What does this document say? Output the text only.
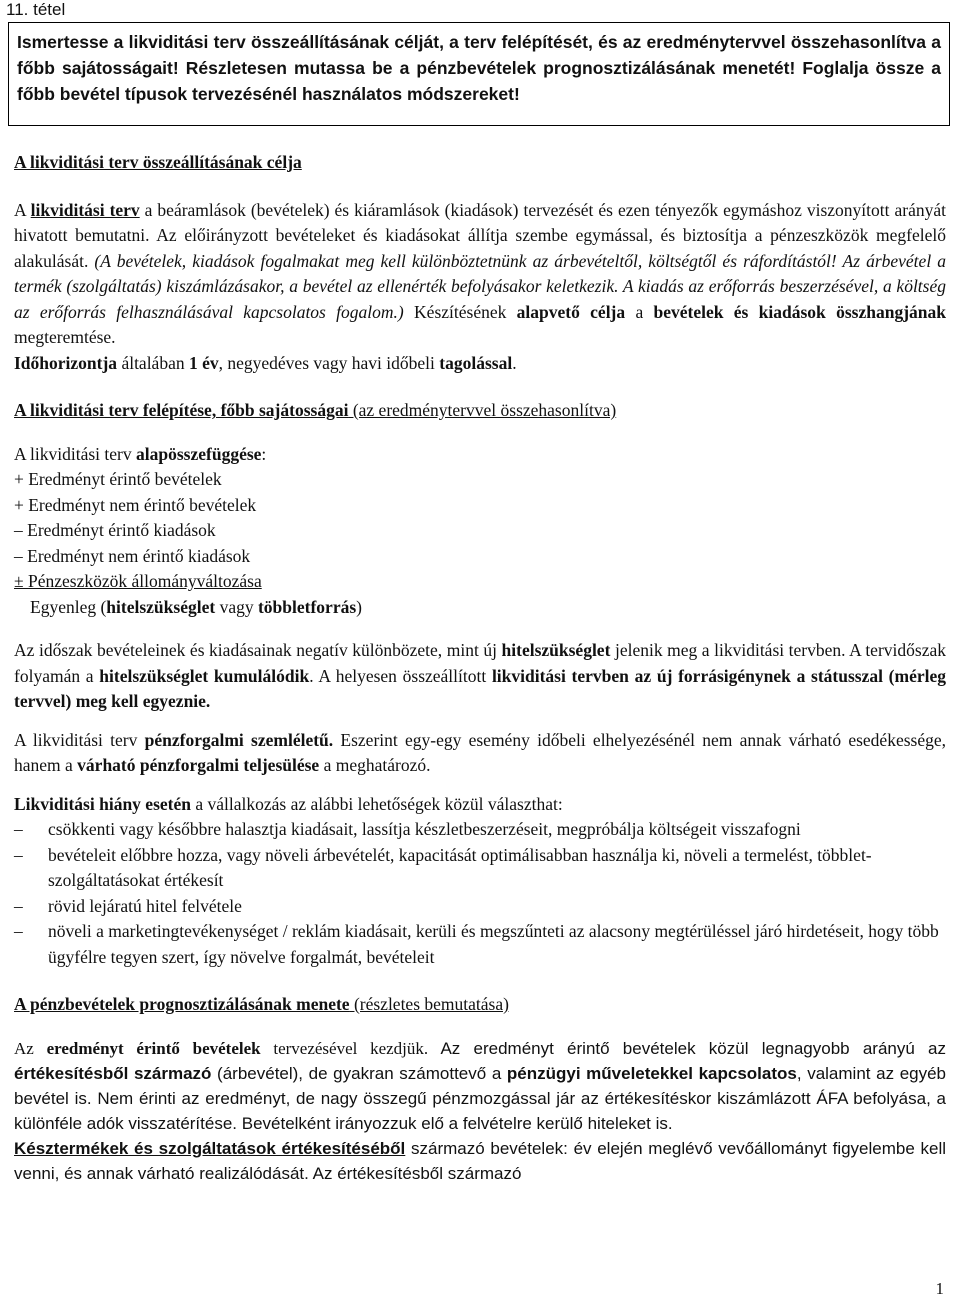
11. tétel
Ismertesse a likviditási terv összeállításának célját, a terv felépítését, és az eredménytervvel összehasonlítva a főbb sajátosságait! Részletesen mutassa be a pénzbevételek prognosztizálásának menetét! Foglalja össze a főbb bevétel típusok tervezésénél használatos módszereket!
A likviditási terv összeállításának célja

A likviditási terv a beáramlások (bevételek) és kiáramlások (kiadások) tervezését és ezen tényezők egymáshoz viszonyított arányát hivatott bemutatni. Az előirányzott bevételeket és kiadásokat állítja szembe egymással, és biztosítja a pénzeszközök megfelelő alakulását. (A bevételek, kiadások fogalmakat meg kell különböztetnünk az árbevételtől, költségtől és ráfordítástól! Az árbevétel a termék (szolgáltatás) kiszámlázásakor, a bevétel az ellenérték befolyásakor keletkezik. A kiadás az erőforrás beszerzésével, a költség az erőforrás felhasználásával kapcsolatos fogalom.) Készítésének alapvető célja a bevételek és kiadások összhangjának megteremtése.

Időhorizontja általában 1 év, negyedéves vagy havi időbeli tagolással.

A likviditási terv felépítése, főbb sajátosságai (az eredménytervvel összehasonlítva)

A likviditási terv alapösszefüggése:

+ Eredményt érintő bevételek
+ Eredményt nem érintő bevételek
– Eredményt érintő kiadások
– Eredményt nem érintő kiadások
± Pénzeszközök állományváltozása
Egyenleg (hitelszükséglet vagy többletforrás)

Az időszak bevételeinek és kiadásainak negatív különbözete, mint új hitelszükséglet jelenik meg a likviditási tervben. A tervidőszak folyamán a hitelszükséglet kumulálódik. A helyesen összeállított likviditási tervben az új forrásigénynek a státusszal (mérleg tervvel) meg kell egyeznie.

A likviditási terv pénzforgalmi szemléletű. Eszerint egy-egy esemény időbeli elhelyezésénél nem annak várható esedékessége, hanem a várható pénzforgalmi teljesülése a meghatározó.

Likviditási hiány esetén a vállalkozás az alábbi lehetőségek közül választhat:

–	csökkenti vagy későbbre halasztja kiadásait, lassítja készletbeszerzéseit, megpróbálja költségeit visszafogni
–	bevételeit előbbre hozza, vagy növeli árbevételét, kapacitását optimálisabban használja ki, növeli a termelést, többlet-szolgáltatásokat értékesít
–	rövid lejáratú hitel felvétele
–	növeli a marketingtevékenységet / reklám kiadásait, kerüli és megszűnteti az alacsony megtérüléssel járó hirdetéseit, hogy több ügyfélre tegyen szert, így növelve forgalmát, bevételeit
A pénzbevételek prognosztizálásának menete (részletes bemutatása)

Az eredményt érintő bevételek tervezésével kezdjük. Az eredményt érintő bevételek közül legnagyobb arányú az értékesítésből származó (árbevétel), de gyakran számottevő a pénzügyi műveletekkel kapcsolatos, valamint az egyéb bevétel is. Nem érinti az eredményt, de nagy összegű pénzmozgással jár az értékesítéskor kiszámlázott ÁFA befolyása, a különféle adók visszatérítése. Bevételként irányozzuk elő a felvételre kerülő hiteleket is.

Késztermékek és szolgáltatások értékesítéséből származó bevételek: év elején meglévő vevőállományt figyelembe kell venni, és annak várható realizálódását. Az értékesítésből származó

1
